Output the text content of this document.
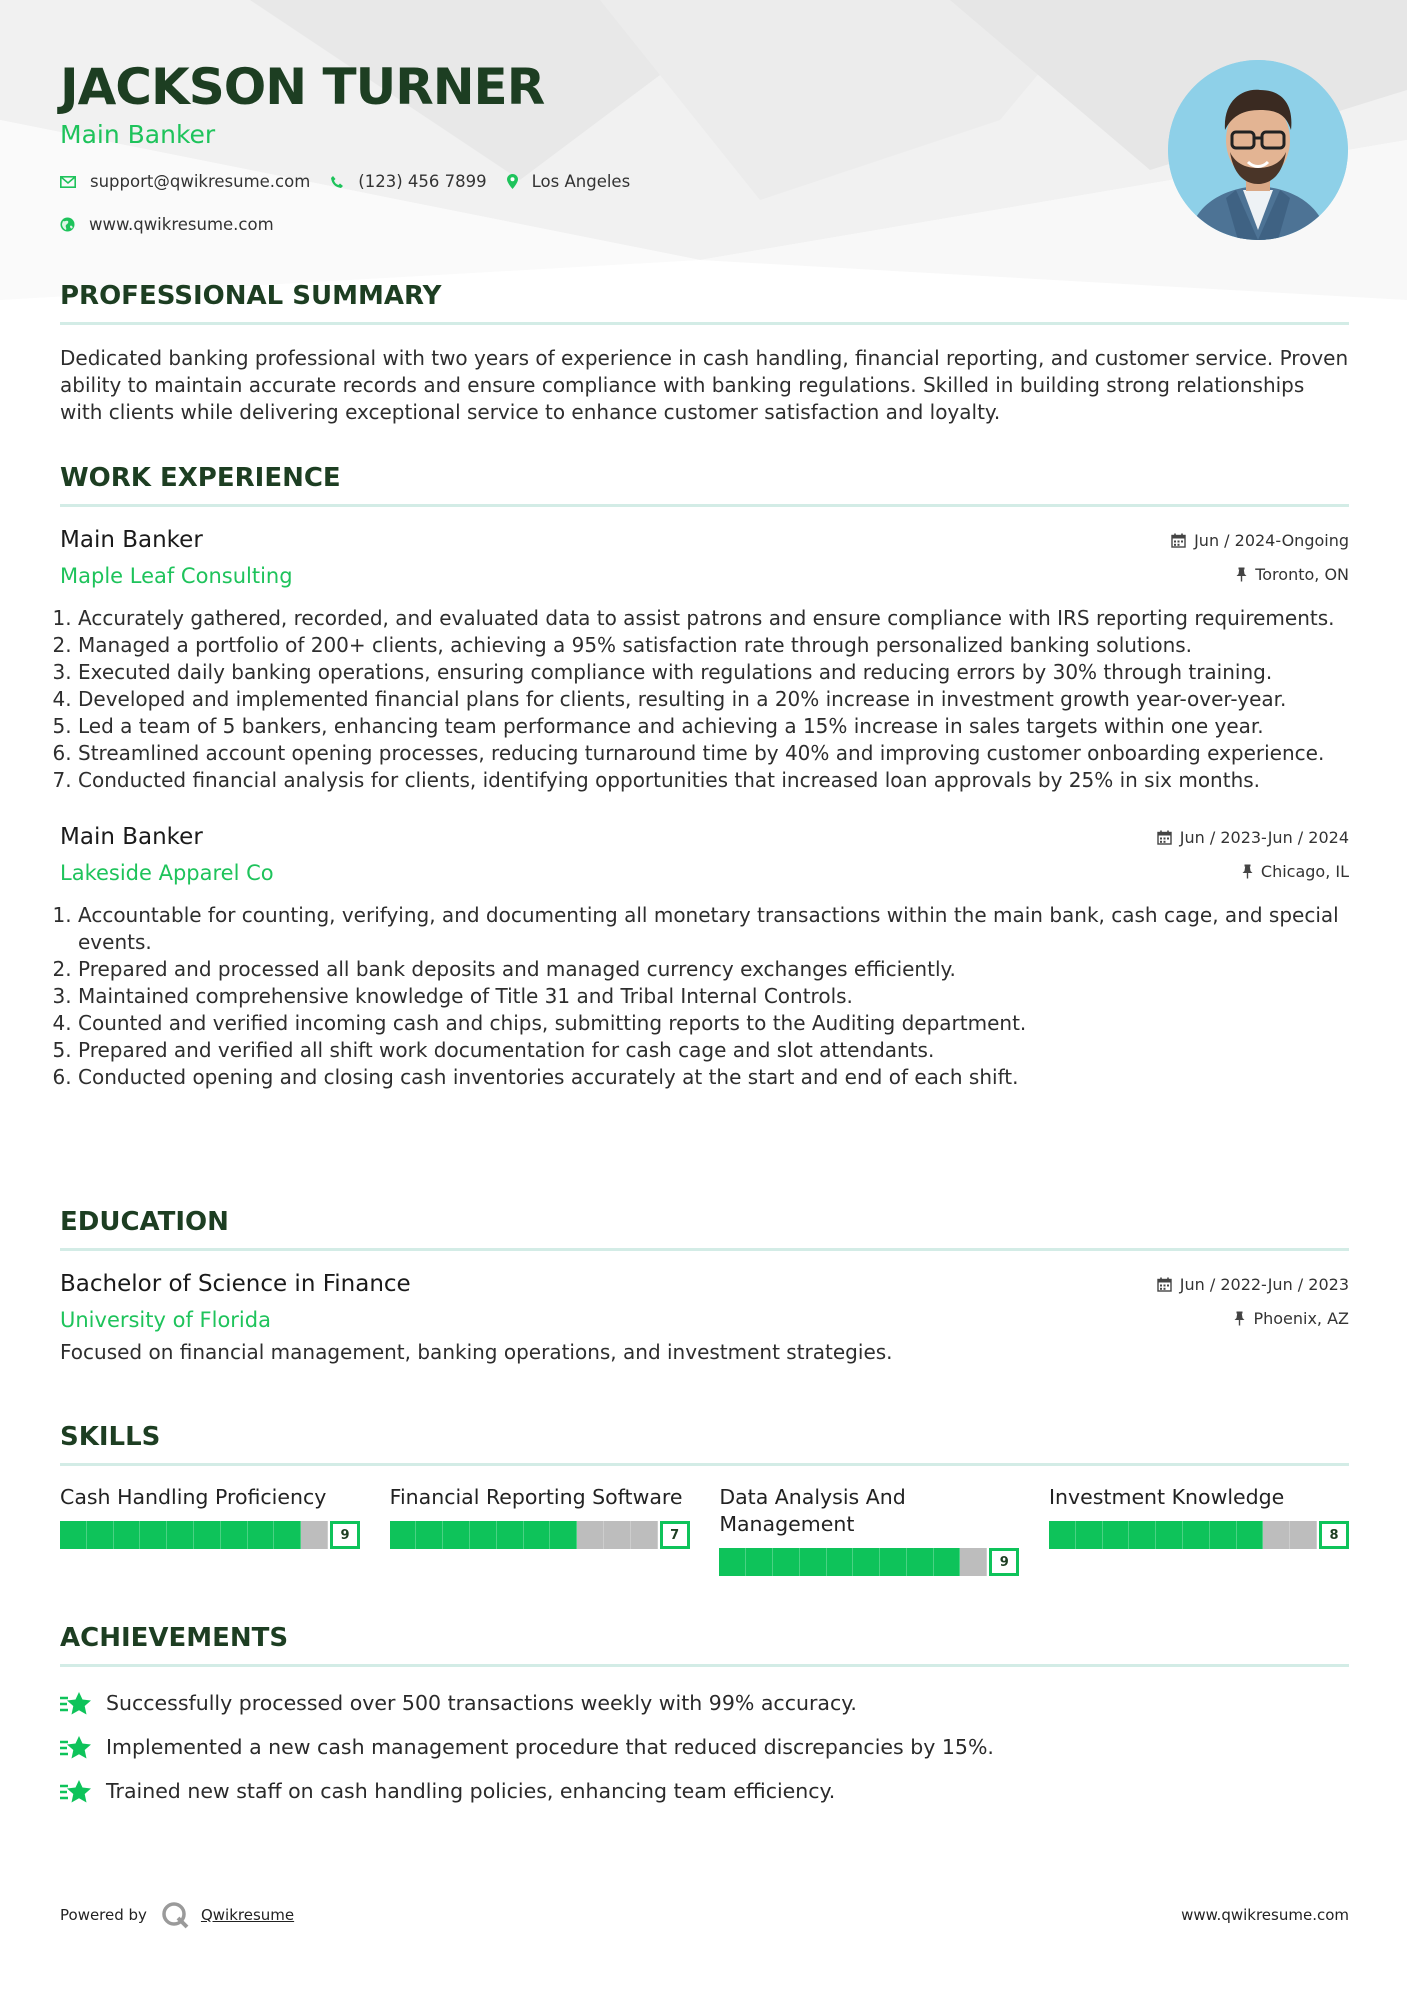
JACKSON TURNER
Main Banker
support@qwikresume.com	(123) 456 7899	Los Angeles
www.qwikresume.com
PROFESSIONAL SUMMARY
Dedicated banking professional with two years of experience in cash handling, financial reporting, and customer service. Proven ability to maintain accurate records and ensure compliance with banking regulations. Skilled in building strong relationships with clients while delivering exceptional service to enhance customer satisfaction and loyalty.
WORK EXPERIENCE
Main Banker
Maple Leaf Consulting
Jun / 2024-Ongoing
Toronto, ON
1. Accurately gathered, recorded, and evaluated data to assist patrons and ensure compliance with IRS reporting requirements.
2. Managed a portfolio of 200+ clients, achieving a 95% satisfaction rate through personalized banking solutions.
3. Executed daily banking operations, ensuring compliance with regulations and reducing errors by 30% through training.
4. Developed and implemented financial plans for clients, resulting in a 20% increase in investment growth year-over-year.
5. Led a team of 5 bankers, enhancing team performance and achieving a 15% increase in sales targets within one year.
6. Streamlined account opening processes, reducing turnaround time by 40% and improving customer onboarding experience.
7. Conducted financial analysis for clients, identifying opportunities that increased loan approvals by 25% in six months.
Main Banker
Lakeside Apparel Co
Jun / 2023-Jun / 2024
Chicago, IL
1. Accountable for counting, verifying, and documenting all monetary transactions within the main bank, cash cage, and special events.
2. Prepared and processed all bank deposits and managed currency exchanges efficiently.
3. Maintained comprehensive knowledge of Title 31 and Tribal Internal Controls.
4. Counted and verified incoming cash and chips, submitting reports to the Auditing department.
5. Prepared and verified all shift work documentation for cash cage and slot attendants.
6. Conducted opening and closing cash inventories accurately at the start and end of each shift.
EDUCATION
Bachelor of Science in Finance
University of Florida
Jun / 2022-Jun / 2023
Phoenix, AZ
Focused on financial management, banking operations, and investment strategies.
SKILLS
Cash Handling Proficiency
9
Financial Reporting Software
7
Data Analysis And Management
9
Investment Knowledge
8
ACHIEVEMENTS
Successfully processed over 500 transactions weekly with 99% accuracy.
Implemented a new cash management procedure that reduced discrepancies by 15%.
Trained new staff on cash handling policies, enhancing team efficiency.
Powered by	Qwikresume	www.qwikresume.com
